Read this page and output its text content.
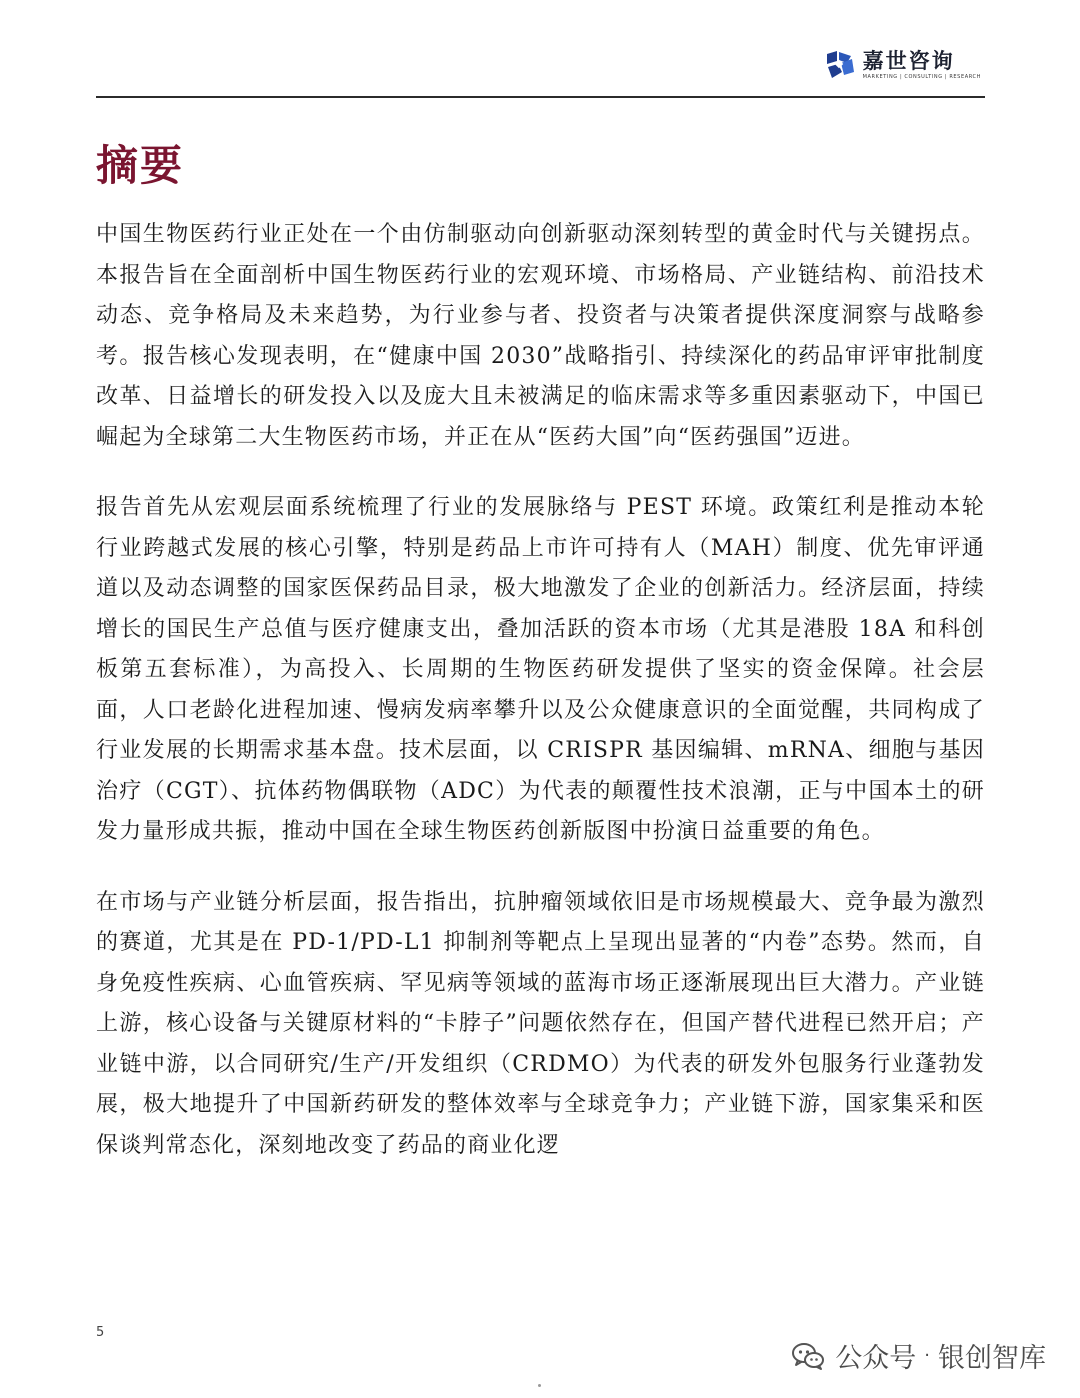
嘉世咨询
MARKETING | CONSULTING | RESEARCH
摘要

中国生物医药行业正处在一个由仿制驱动向创新驱动深刻转型的黄金时代与关键拐点。本报告旨在全面剖析中国生物医药行业的宏观环境、市场格局、产业链结构、前沿技术动态、竞争格局及未来趋势，为行业参与者、投资者与决策者提供深度洞察与战略参考。报告核心发现表明，在“健康中国 2030”战略指引、持续深化的药品审评审批制度改革、日益增长的研发投入以及庞大且未被满足的临床需求等多重因素驱动下，中国已崛起为全球第二大生物医药市场，并正在从“医药大国”向“医药强国”迈进。

报告首先从宏观层面系统梳理了行业的发展脉络与 PEST 环境。政策红利是推动本轮行业跨越式发展的核心引擎，特别是药品上市许可持有人（MAH）制度、优先审评通道以及动态调整的国家医保药品目录，极大地激发了企业的创新活力。经济层面，持续增长的国民生产总值与医疗健康支出，叠加活跃的资本市场（尤其是港股 18A 和科创板第五套标准），为高投入、长周期的生物医药研发提供了坚实的资金保障。社会层面，人口老龄化进程加速、慢病发病率攀升以及公众健康意识的全面觉醒，共同构成了行业发展的长期需求基本盘。技术层面，以 CRISPR 基因编辑、mRNA、细胞与基因治疗（CGT）、抗体药物偶联物（ADC）为代表的颠覆性技术浪潮，正与中国本土的研发力量形成共振，推动中国在全球生物医药创新版图中扮演日益重要的角色。

在市场与产业链分析层面，报告指出，抗肿瘤领域依旧是市场规模最大、竞争最为激烈的赛道，尤其是在 PD-1/PD-L1 抑制剂等靶点上呈现出显著的“内卷”态势。然而，自身免疫性疾病、心血管疾病、罕见病等领域的蓝海市场正逐渐展现出巨大潜力。产业链上游，核心设备与关键原材料的“卡脖子”问题依然存在，但国产替代进程已然开启；产业链中游，以合同研究/生产/开发组织（CRDMO）为代表的研发外包服务行业蓬勃发展，极大地提升了中国新药研发的整体效率与全球竞争力；产业链下游，国家集采和医保谈判常态化，深刻地改变了药品的商业化逻

5
公众号 · 银创智库
